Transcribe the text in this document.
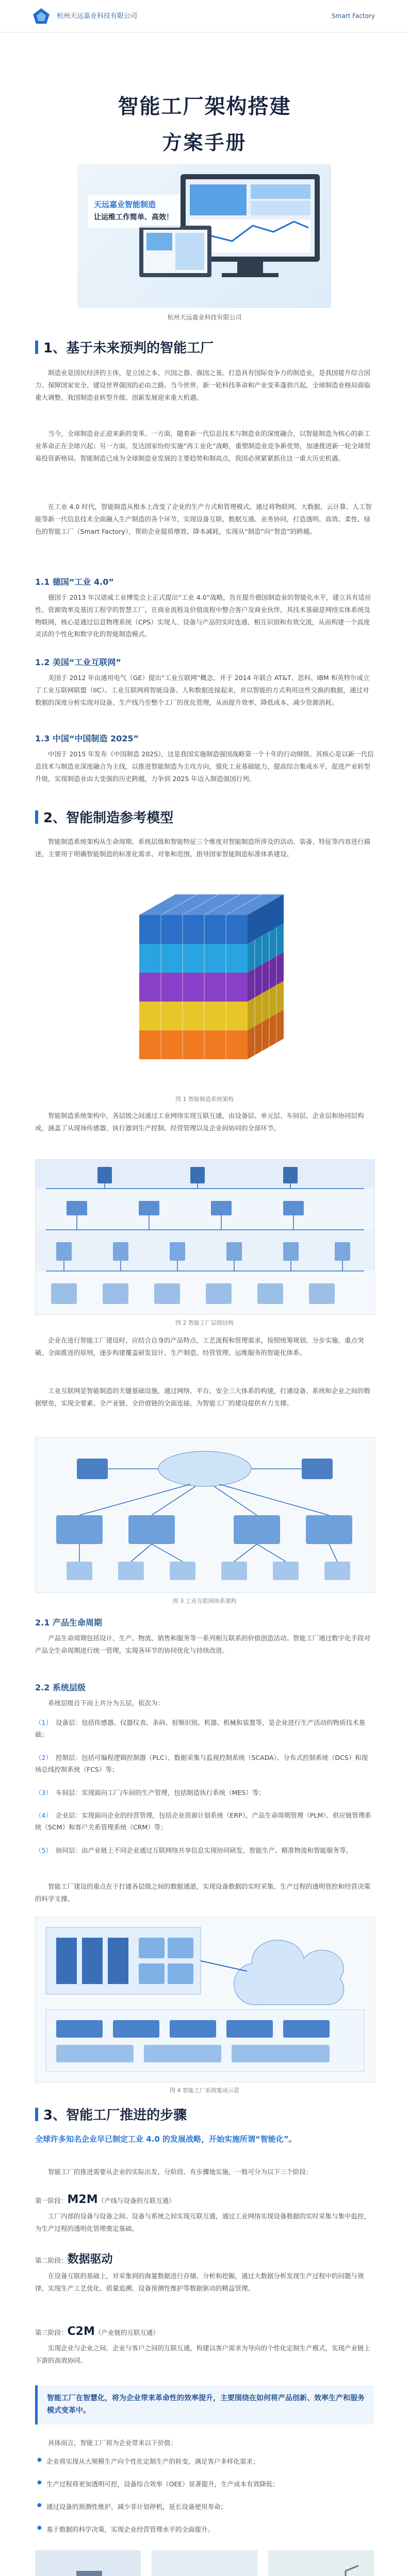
杭州天远嘉业科技有限公司	Smart Factory
智能工厂架构搭建
方案手册
天远嘉业智能制造
让运维工作简单、高效！
杭州天远嘉业科技有限公司
1、基于未来预判的智能工厂
制造业是国民经济的主体，是立国之本、兴国之器、强国之基。打造具有国际竞争力的制造业，是我国提升综合国力、保障国家安全、建设世界强国的必由之路。当今世界，新一轮科技革命和产业变革蓬勃兴起，全球制造业格局面临重大调整，我国制造业转型升级、创新发展迎来重大机遇。
当今，全球制造业正迎来新的变革。一方面，随着新一代信息技术与制造业的深度融合，以智能制造为核心的新工业革命正在全球兴起；另一方面，发达国家纷纷实施“再工业化”战略，重塑制造业竞争新优势，加速推进新一轮全球贸易投资新格局。智能制造已成为全球制造业发展的主要趋势和制高点，我国必须紧紧抓住这一重大历史机遇。
在工业 4.0 时代，智能制造从根本上改变了企业的生产方式和管理模式。通过将物联网、大数据、云计算、人工智能等新一代信息技术全面融入生产制造的各个环节，实现设备互联、数据互通、业务协同，打造透明、高效、柔性、绿色的智能工厂（Smart Factory），帮助企业提质增效、降本减耗，实现从“制造”向“智造”的跨越。
1.1 德国“工业 4.0”
德国于 2013 年汉诺威工业博览会上正式提出“工业 4.0”战略，旨在提升德国制造业的智能化水平，建立具有适应性、资源效率及基因工程学的智慧工厂，在商业流程及价值流程中整合客户及商业伙伴。其技术基础是网络实体系统及物联网，核心是通过信息物理系统（CPS）实现人、设备与产品的实时连通、相互识别和有效交流，从而构建一个高度灵活的个性化和数字化的智能制造模式。
1.2 美国“工业互联网”
美国于 2012 年由通用电气（GE）提出“工业互联网”概念，并于 2014 年联合 AT&T、思科、IBM 和英特尔成立了工业互联网联盟（IIC）。工业互联网将智能设备、人和数据连接起来，并以智能的方式利用这些交换的数据，通过对数据的深度分析实现对设备、生产线乃至整个工厂的优化管理，从而提升效率、降低成本、减少资源消耗。
1.3 中国“中国制造 2025”
中国于 2015 年发布《中国制造 2025》，这是我国实施制造强国战略第一个十年的行动纲领。其核心是以新一代信息技术与制造业深度融合为主线，以推进智能制造为主攻方向，强化工业基础能力，提高综合集成水平，促进产业转型升级，实现制造业由大变强的历史跨越，力争到 2025 年迈入制造强国行列。
2、智能制造参考模型
智能制造系统架构从生命周期、系统层级和智能特征三个维度对智能制造所涉及的活动、装备、特征等内容进行描述，主要用于明确智能制造的标准化需求、对象和范围，指导国家智能制造标准体系建设。
图 1 智能制造系统架构
智能制造系统架构中，各层级之间通过工业网络实现互联互通，由设备层、单元层、车间层、企业层和协同层构成，涵盖了从现场传感器、执行器到生产控制、经营管理以及企业间协同的全部环节。
图 2 智能工厂层级结构
企业在进行智能工厂建设时，应结合自身的产品特点、工艺流程和管理需求，按照统筹规划、分步实施、重点突破、全面推进的原则，逐步构建覆盖研发设计、生产制造、经营管理、运维服务的智能化体系。
工业互联网是智能制造的关键基础设施，通过网络、平台、安全三大体系的构建，打通设备、系统和企业之间的数据壁垒，实现全要素、全产业链、全价值链的全面连接，为智能工厂的建设提供有力支撑。
图 3 工业互联网体系架构
2.1 产品生命周期
产品生命周期包括设计、生产、物流、销售和服务等一系列相互联系的价值创造活动。智能工厂通过数字化手段对产品全生命周期进行统一管理，实现各环节的协同优化与持续改进。
2.2 系统层级
系统层级自下而上共分为五层，依次为：
（1） 设备层：包括传感器、仪器仪表、条码、射频识别、机器、机械和装置等，是企业进行生产活动的物质技术基础；
（2） 控制层：包括可编程逻辑控制器（PLC）、数据采集与监视控制系统（SCADA）、分布式控制系统（DCS）和现场总线控制系统（FCS）等；
（3） 车间层：实现面向工厂/车间的生产管理，包括制造执行系统（MES）等；
（4） 企业层：实现面向企业的经营管理，包括企业资源计划系统（ERP）、产品生命周期管理（PLM）、供应链管理系统（SCM）和客户关系管理系统（CRM）等；
（5） 协同层：由产业链上不同企业通过互联网络共享信息实现协同研发、智能生产、精准物流和智能服务等。
智能工厂建设的重点在于打通各层级之间的数据通道，实现设备数据的实时采集、生产过程的透明管控和经营决策的科学支撑。
图 4 智能工厂系统集成示意
3、智能工厂推进的步骤
全球许多知名企业早已制定工业 4.0 的发展战略，开始实施所谓“智能化”。
智能工厂的推进需要从企业的实际出发，分阶段、有步骤地实施，一般可分为以下三个阶段：
第一阶段：M2M（产线与设备的互联互通）
工厂内部的设备与设备之间、设备与系统之间实现互联互通，通过工业网络实现设备数据的实时采集与集中监控，为生产过程的透明化管理奠定基础。
第二阶段：数据驱动
在设备互联的基础上，对采集到的海量数据进行存储、分析和挖掘，通过大数据分析发现生产过程中的问题与规律，实现生产工艺优化、质量追溯、设备预测性维护等数据驱动的精益管理。
第三阶段：C2M（产业链的互联互通）
实现企业与企业之间、企业与客户之间的互联互通，构建以客户需求为导向的个性化定制生产模式，实现产业链上下游的高效协同。
智能工厂在智慧化，将为企业带来革命性的效率提升，主要围绕在如何将产品创新、效率生产和服务模式变革中。
具体而言，智能工厂将为企业带来以下价值：
● 企业将实现从大规模生产向个性化定制生产的转变，满足客户多样化需求；
● 生产过程将更加透明可控，设备综合效率（OEE）显著提升，生产成本有效降低；
● 通过设备的预测性维护，减少非计划停机，延长设备使用寿命；
● 基于数据的科学决策，实现企业经营管理水平的全面提升。
